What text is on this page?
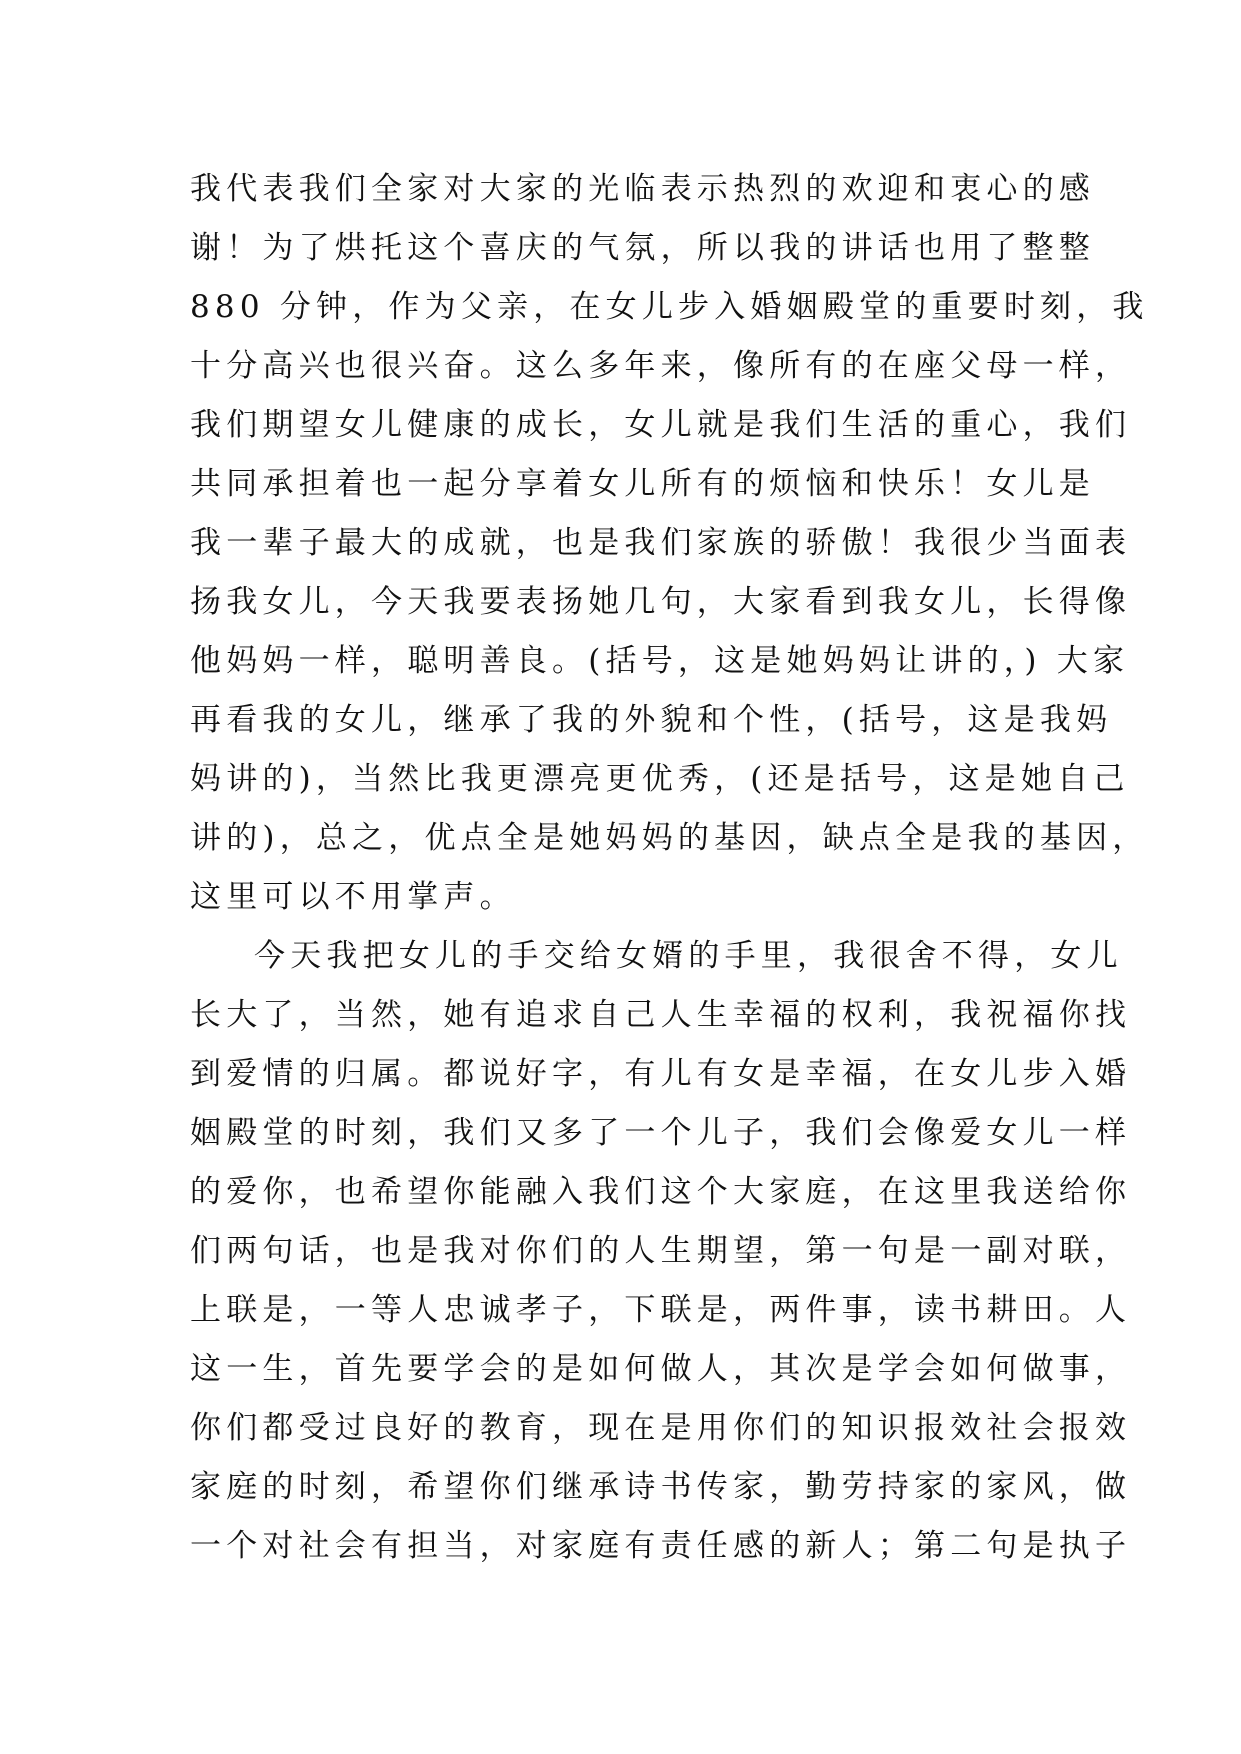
我代表我们全家对大家的光临表示热烈的欢迎和衷心的感
谢！为了烘托这个喜庆的气氛，所以我的讲话也用了整整
880 分钟，作为父亲，在女儿步入婚姻殿堂的重要时刻，我
十分高兴也很兴奋。这么多年来，像所有的在座父母一样，
我们期望女儿健康的成长，女儿就是我们生活的重心，我们
共同承担着也一起分享着女儿所有的烦恼和快乐！女儿是
我一辈子最大的成就，也是我们家族的骄傲！我很少当面表
扬我女儿，今天我要表扬她几句，大家看到我女儿，长得像
他妈妈一样，聪明善良。(括号，这是她妈妈让讲的，) 大家
再看我的女儿，继承了我的外貌和个性，(括号，这是我妈
妈讲的)，当然比我更漂亮更优秀，(还是括号，这是她自己
讲的)，总之，优点全是她妈妈的基因，缺点全是我的基因，
这里可以不用掌声。
今天我把女儿的手交给女婿的手里，我很舍不得，女儿
长大了，当然，她有追求自己人生幸福的权利，我祝福你找
到爱情的归属。都说好字，有儿有女是幸福，在女儿步入婚
姻殿堂的时刻，我们又多了一个儿子，我们会像爱女儿一样
的爱你，也希望你能融入我们这个大家庭，在这里我送给你
们两句话，也是我对你们的人生期望，第一句是一副对联，
上联是，一等人忠诚孝子，下联是，两件事，读书耕田。人
这一生，首先要学会的是如何做人，其次是学会如何做事，
你们都受过良好的教育，现在是用你们的知识报效社会报效
家庭的时刻，希望你们继承诗书传家，勤劳持家的家风，做
一个对社会有担当，对家庭有责任感的新人；第二句是执子
